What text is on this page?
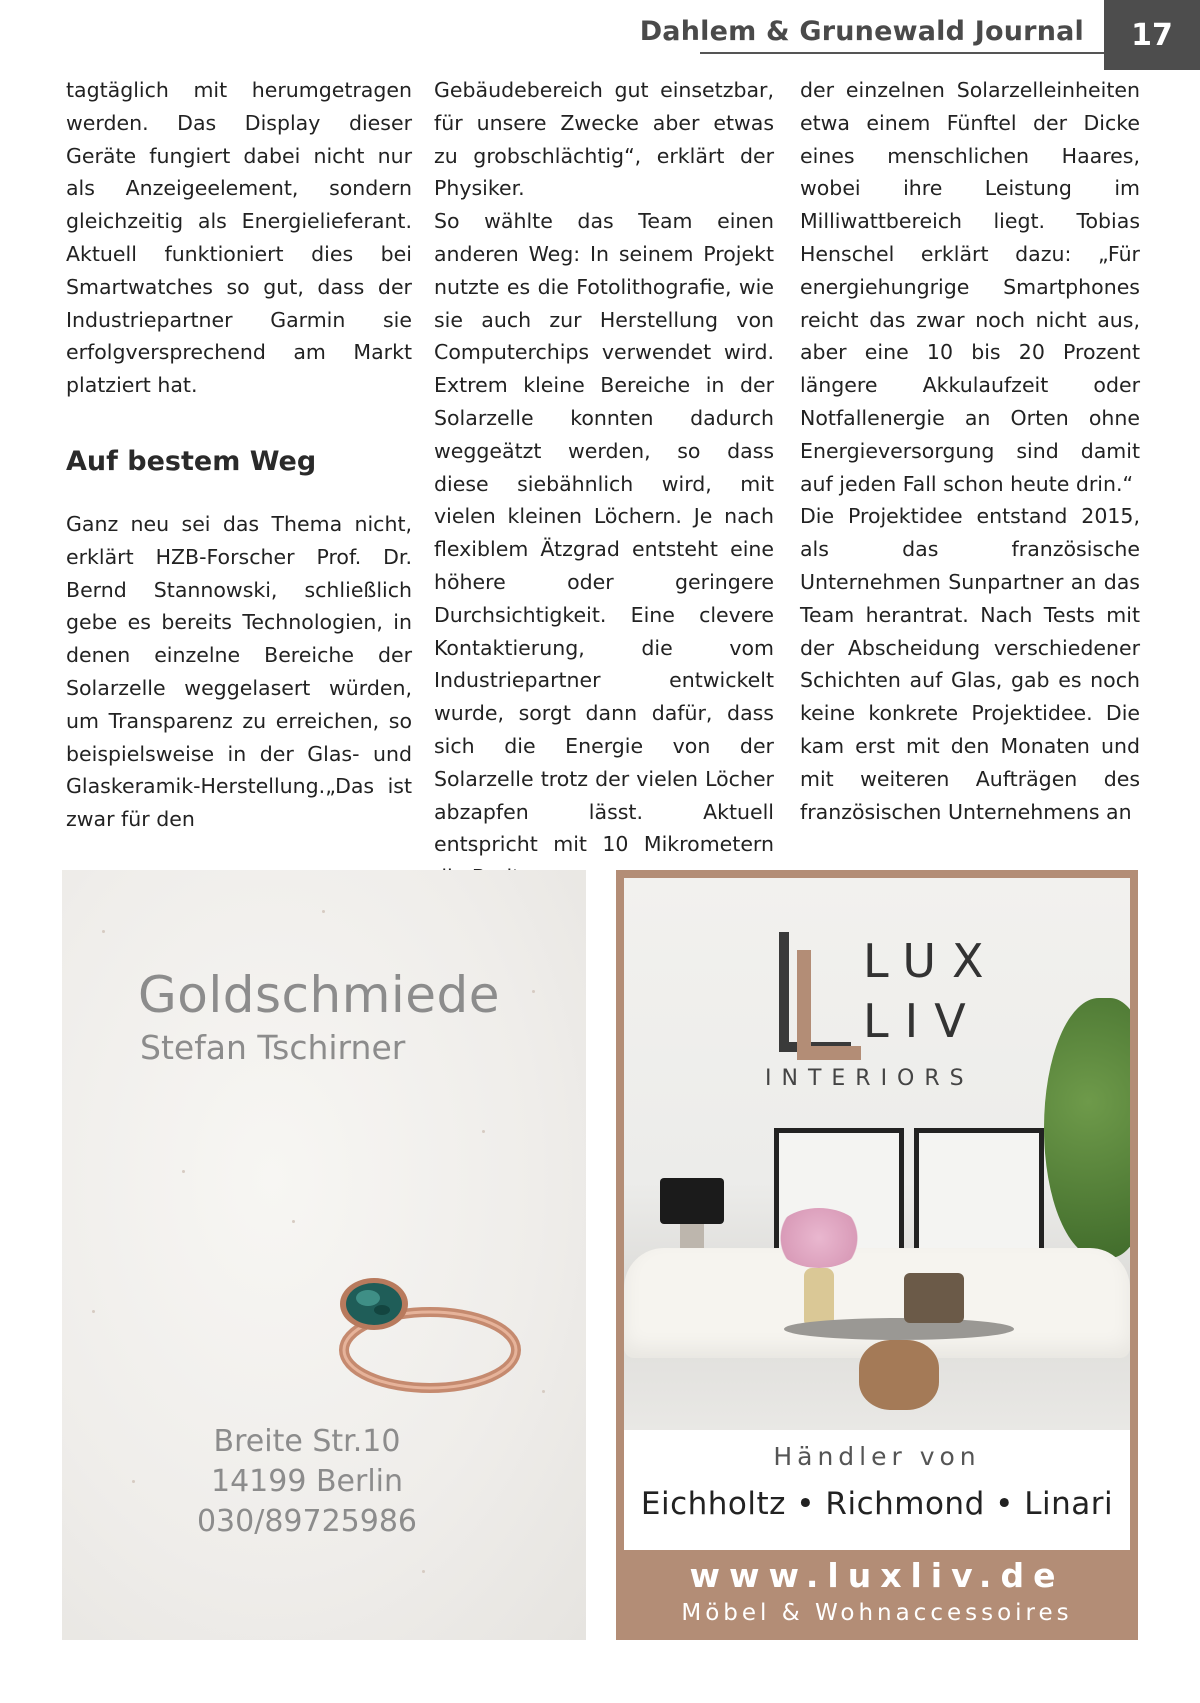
Dahlem & Grunewald Journal	17

tagtäglich mit herumgetragen werden. Das Display dieser Geräte fungiert dabei nicht nur als Anzeigeelement, sondern gleichzeitig als Energielieferant. Aktuell funktioniert dies bei Smartwatches so gut, dass der Industriepartner Garmin sie erfolgversprechend am Markt platziert hat.

Auf bestem Weg

Ganz neu sei das Thema nicht, erklärt HZB-Forscher Prof. Dr. Bernd Stannowski, schließlich gebe es bereits Technologien, in denen einzelne Bereiche der Solarzelle weggelasert würden, um Transparenz zu erreichen, so beispielsweise in der Glas- und Glaskeramik-Herstellung.„Das ist zwar für den

Gebäudebereich gut einsetzbar, für unsere Zwecke aber etwas zu grobschlächtig“, erklärt der Physiker.

So wählte das Team einen anderen Weg: In seinem Projekt nutzte es die Fotolithografie, wie sie auch zur Herstellung von Computerchips verwendet wird. Extrem kleine Bereiche in der Solarzelle konnten dadurch weggeätzt werden, so dass diese siebähnlich wird, mit vielen kleinen Löchern. Je nach flexiblem Ätzgrad entsteht eine höhere oder geringere Durchsichtigkeit. Eine clevere Kontaktierung, die vom Industriepartner entwickelt wurde, sorgt dann dafür, dass sich die Energie von der Solarzelle trotz der vielen Löcher abzapfen lässt. Aktuell entspricht mit 10 Mikrometern

der einzelnen Solarzelleinheiten etwa einem Fünftel der Dicke eines menschlichen Haares, wobei ihre Leistung im Milliwattbereich liegt. Tobias Henschel erklärt dazu: „Für energiehungrige Smartphones reicht das zwar noch nicht aus, aber eine 10 bis 20 Prozent längere Akkulaufzeit oder Notfallenergie an Orten ohne Energieversorgung sind damit auf jeden Fall schon heute drin.“

Die Projektidee entstand 2015, als das französische Unternehmen Sunpartner an das Team herantrat. Nach Tests mit der Abscheidung verschiedener Schichten auf Glas, gab es noch keine konkrete Projektidee. Die kam erst mit den Monaten und mit weiteren Aufträgen des französischen Unternehmens an

Goldschmiede
Stefan Tschirner
Breite Str.10
14199 Berlin
030/89725986
LUX
LIV
INTERIORS
Händler von
Eichholtz • Richmond • Linari
www.luxliv.de
Möbel & Wohnaccessoires
